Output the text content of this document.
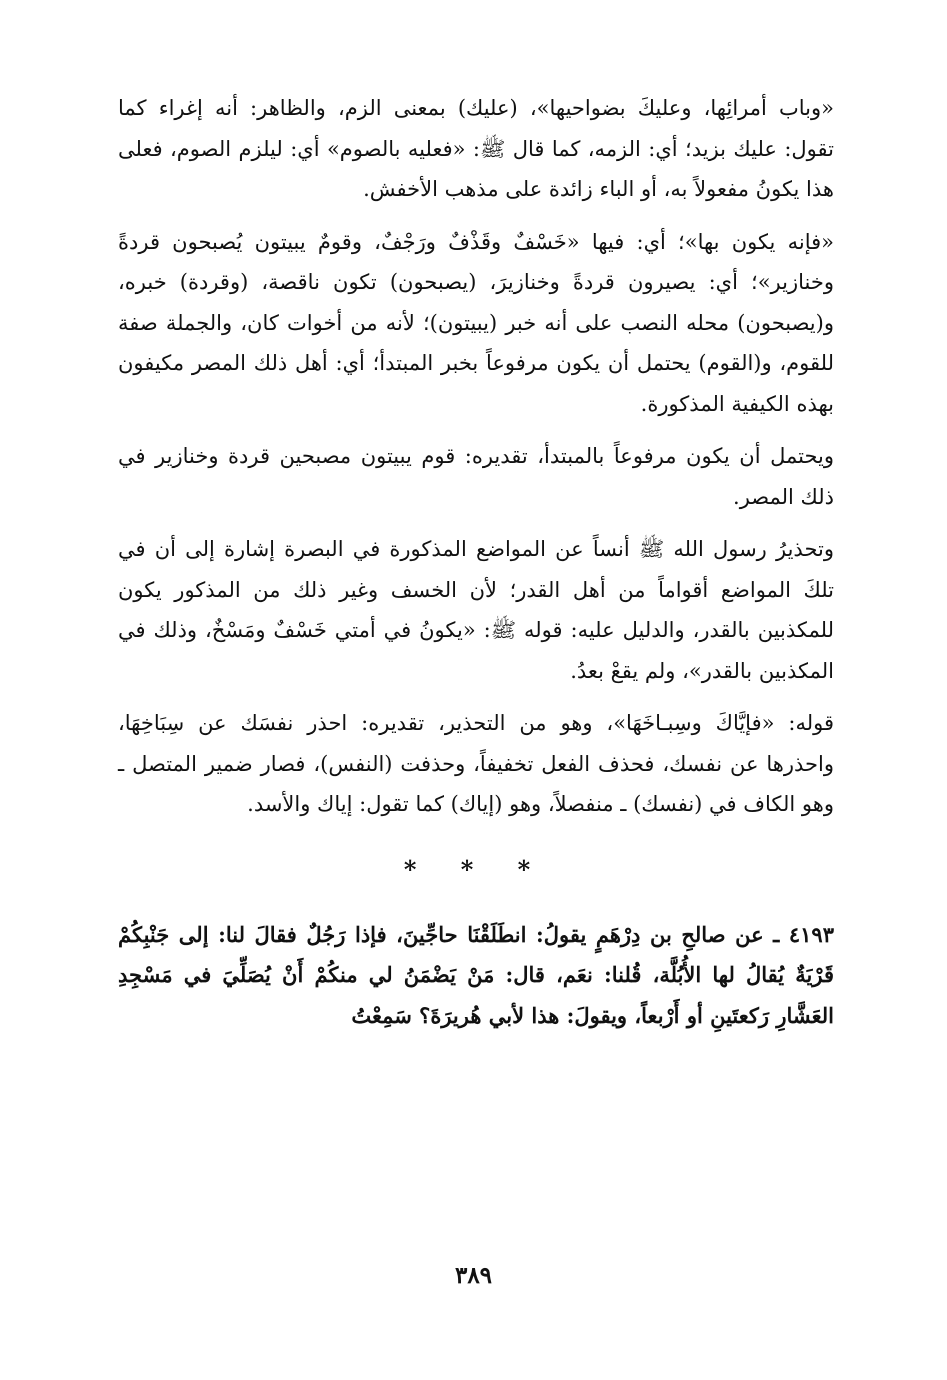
«وباب أمرائِها، وعليكَ بضواحيها»، (عليك) بمعنى الزم، والظاهر: أنه إغراء كما تقول: عليك بزيد؛ أي: الزمه، كما قال ﷺ: «فعليه بالصوم» أي: ليلزم الصوم، فعلى هذا يكونُ مفعولاً به، أو الباء زائدة على مذهب الأخفش.

«فإنه يكون بها»؛ أي: فيها «خَسْفٌ وقَذْفٌ ورَجْفٌ، وقومٌ يبيتون يُصبحون قردةً وخنازير»؛ أي: يصيرون قردةً وخنازيرَ، (يصبحون) تكون ناقصة، (وقردة) خبره، و(يصبحون) محله النصب على أنه خبر (يبيتون)؛ لأنه من أخوات كان، والجملة صفة للقوم، و(القوم) يحتمل أن يكون مرفوعاً بخبر المبتدأ؛ أي: أهل ذلك المصر مكيفون بهذه الكيفية المذكورة.

ويحتمل أن يكون مرفوعاً بالمبتدأ، تقديره: قوم يبيتون مصبحين قردة وخنازير في ذلك المصر.

وتحذيرُ رسول الله ﷺ أنساً عن المواضع المذكورة في البصرة إشارة إلى أن في تلكَ المواضع أقواماً من أهل القدر؛ لأن الخسف وغير ذلك من المذكور يكون للمكذبين بالقدر، والدليل عليه: قوله ﷺ: «يكونُ في أمتي خَسْفٌ ومَسْخٌ، وذلك في المكذبين بالقدر»، ولم يقعْ بعدُ.

قوله: «فإيَّاكَ وسِبـاخَهَا»، وهو من التحذير، تقديره: احذر نفسَك عن سِبَاخِهَا، واحذرها عن نفسك، فحذف الفعل تخفيفاً، وحذفت (النفس)، فصار ضمير المتصل ـ وهو الكاف في (نفسك) ـ منفصلاً، وهو (إياك) كما تقول: إياك والأسد.

* * *

٤١٩٣ ـ عن صالحِ بن دِرْهَمٍ يقولُ: انطَلَقْنَا حاجِّينَ، فإذا رَجُلٌ فقالَ لنا: إلى جَنْبِكُمْ قَرْيَةٌ يُقالُ لها الأُبُلَّة، قُلنا: نعَم، قال: مَنْ يَضْمَنُ لي منكُمْ أَنْ يُصَلِّيَ في مَسْجِدِ العَشَّارِ رَكعتَينِ أو أَرْبعاً، ويقولَ: هذا لأبي هُريرَةَ؟ سَمِعْتُ

٣٨٩
